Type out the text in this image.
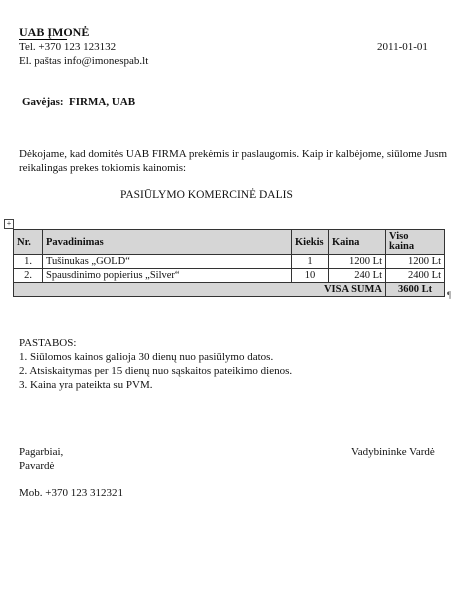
UAB ĮMONĖ
Tel. +370 123 123132	2011-01-01
El. paštas info@imonespab.lt
Gavėjas: FIRMA, UAB
Dėkojame, kad domitės UAB FIRMA prekėmis ir paslaugomis. Kaip ir kalbėjome, siūlome Jusm
reikalingas prekes tokiomis kainomis:
PASIŪLYMO KOMERCINĖ DALIS
+
Nr.	Pavadinimas	Kiekis	Kaina	Viso
kaina
1.	Tušinukas „GOLD“	1	1200 Lt	1200 Lt
2.	Spausdinimo popierius „Silver“	10	240 Lt	2400 Lt
VISA SUMA				3600 Lt ¶
PASTABOS:
1. Siūlomos kainos galioja 30 dienų nuo pasiūlymo datos.
2. Atsiskaitymas per 15 dienų nuo sąskaitos pateikimo dienos.
3. Kaina yra pateikta su PVM.
Pagarbiai,	Vadybininke Vardė
Pavardė
Mob. +370 123 312321
